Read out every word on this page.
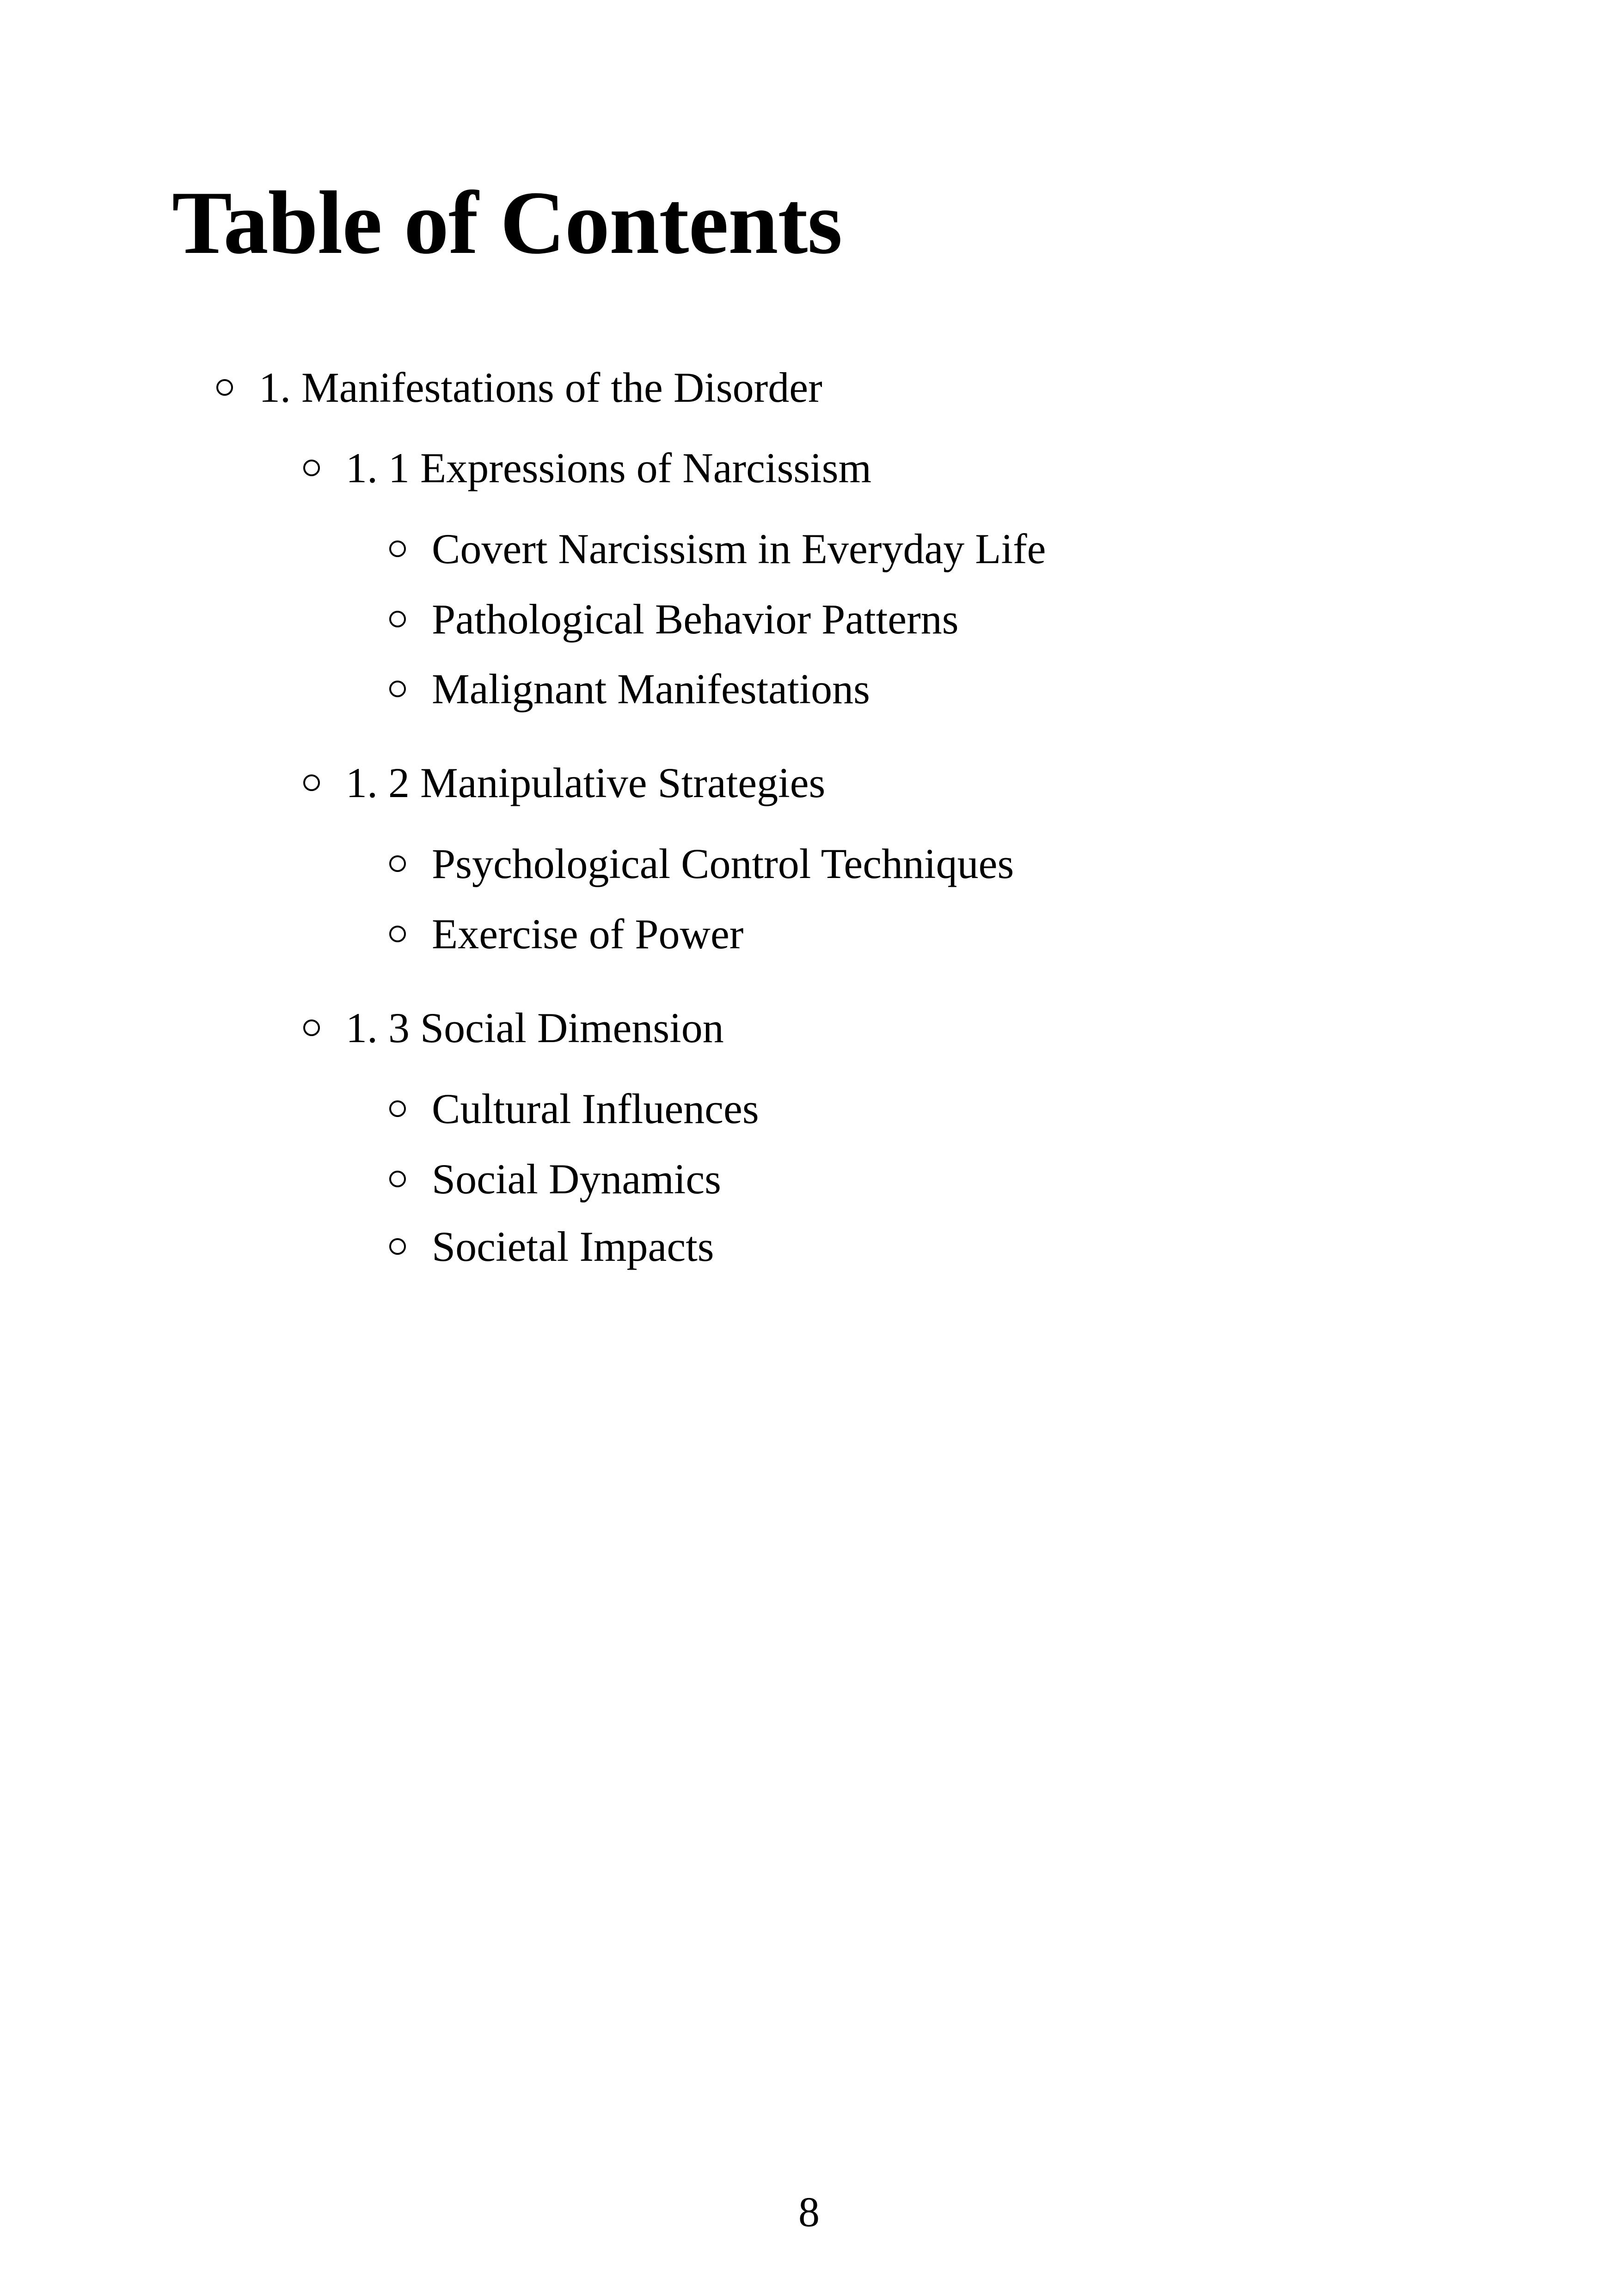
Table of Contents
1. Manifestations of the Disorder
1. 1 Expressions of Narcissism
Covert Narcissism in Everyday Life
Pathological Behavior Patterns
Malignant Manifestations
1. 2 Manipulative Strategies
Psychological Control Techniques
Exercise of Power
1. 3 Social Dimension
Cultural Influences
Social Dynamics
Societal Impacts
8
